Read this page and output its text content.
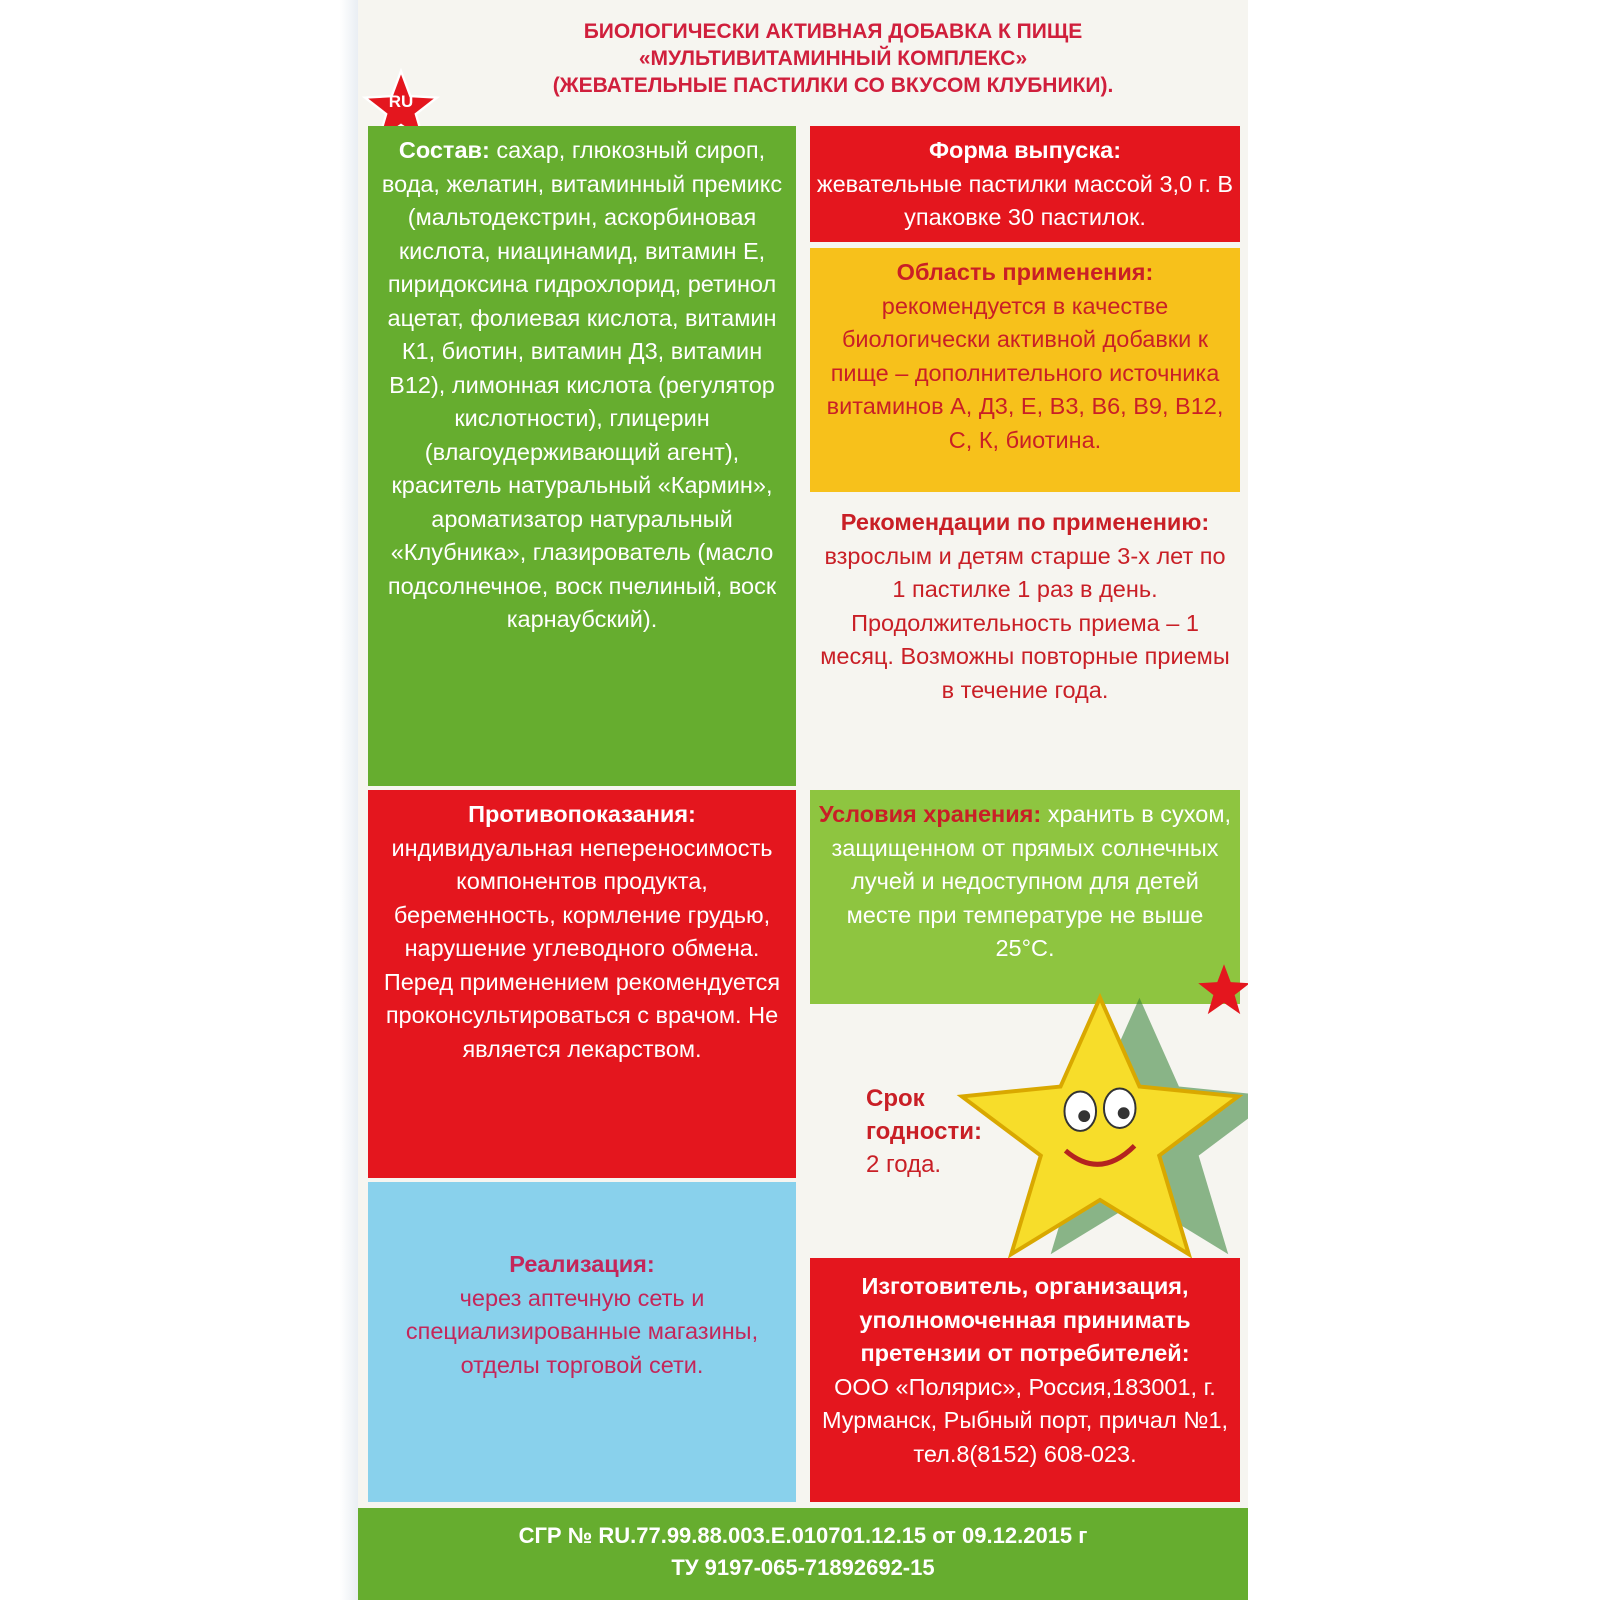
БИОЛОГИЧЕСКИ АКТИВНАЯ ДОБАВКА К ПИЩЕ
«МУЛЬТИВИТАМИННЫЙ КОМПЛЕКС»
(ЖЕВАТЕЛЬНЫЕ ПАСТИЛКИ СО ВКУСОМ КЛУБНИКИ).
RU
Состав: сахар, глюкозный сироп, вода, желатин, витаминный премикс (мальтодекстрин, аскорбиновая кислота, ниацинамид, витамин Е, пиридоксина гидрохлорид, ретинол ацетат, фолиевая кислота, витамин К1, биотин, витамин Д3, витамин В12), лимонная кислота (регулятор кислотности), глицерин (влагоудерживающий агент), краситель натуральный «Кармин», ароматизатор натуральный «Клубника», глазирователь (масло подсолнечное, воск пчелиный, воск карнаубский).
Форма выпуска:
жевательные пастилки массой 3,0 г. В упаковке 30 пастилок.
Область применения:
рекомендуется в качестве биологически активной добавки к пище – дополнительного источника витаминов А, Д3, Е, В3, В6, В9, В12, С, К, биотина.
Рекомендации по применению: взрослым и детям старше 3-х лет по 1 пастилке 1 раз в день. Продолжительность приема – 1 месяц. Возможны повторные приемы в течение года.
Противопоказания:
индивидуальная непереносимость компонентов продукта, беременность, кормление грудью, нарушение углеводного обмена. Перед применением рекомендуется проконсультироваться с врачом. Не является лекарством.
Условия хранения: хранить в сухом, защищенном от прямых солнечных лучей и недоступном для детей месте при температуре не выше 25°С.
Срок годности:
2 года.
Реализация:
через аптечную сеть и специализированные магазины, отделы торговой сети.
Изготовитель, организация, уполномоченная принимать претензии от потребителей:
ООО «Полярис», Россия,183001, г. Мурманск, Рыбный порт, причал №1, тел.8(8152) 608-023.
СГР № RU.77.99.88.003.E.010701.12.15 от 09.12.2015 г
ТУ 9197-065-71892692-15
